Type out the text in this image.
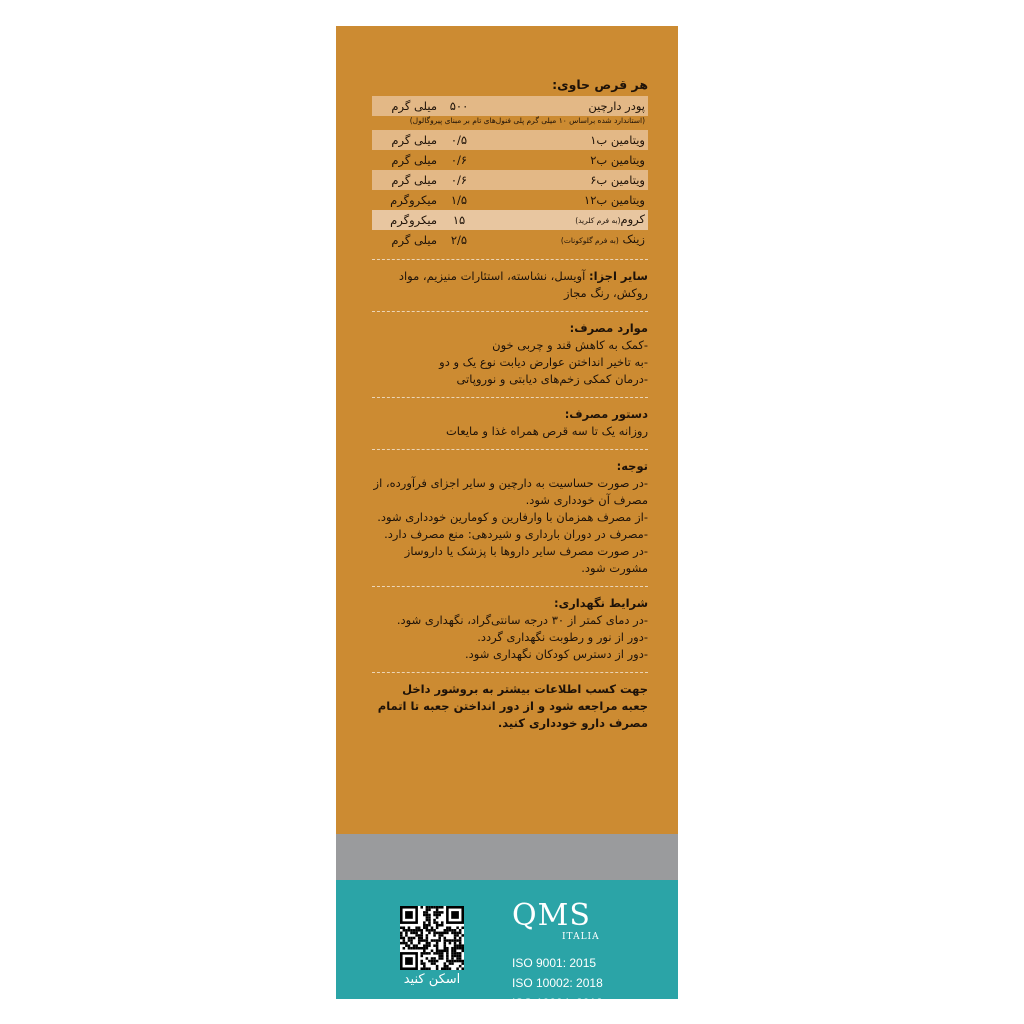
هر قرص حاوی:
پودر دارچین
۵۰۰
میلی گرم
(استاندارد شده براساس ۱۰ میلی گرم پلی فنول‌های تام بر مبنای پیروگالول)
ویتامین ب۱
۰/۵
میلی گرم
ویتامین ب۲
۰/۶
میلی گرم
ویتامین ب۶
۰/۶
میلی گرم
ویتامین ب۱۲
۱/۵
میکروگرم
کروم(به فرم کلرید)
۱۵
میکروگرم
زینک (به فرم گلوکونات)
۲/۵
میلی گرم

سایر اجزا: آویسل، نشاسته، استئارات منیزیم، مواد روکش، رنگ مجاز

موارد مصرف:

-کمک به کاهش قند و چربی خون

-به تاخیر انداختن عوارض دیابت نوع یک و دو

-درمان کمکی زخم‌های دیابتی و نوروپاتی

دستور مصرف:

روزانه یک تا سه قرص همراه غذا و مایعات

توجه:

-در صورت حساسیت به دارچین و سایر اجزای فرآورده، از مصرف آن خودداری شود.

-از مصرف همزمان با وارفارین و کومارین خودداری شود.

-مصرف در دوران بارداری و شیردهی: منع مصرف دارد.

-در صورت مصرف سایر داروها با پزشک یا داروساز مشورت شود.

شرایط نگهداری:

-در دمای کمتر از ۳۰ درجه سانتی‌گراد، نگهداری شود.

-دور از نور و رطوبت نگهداری گردد.

-دور از دسترس کودکان نگهداری شود.

جهت کسب اطلاعات بیشتر به بروشور داخل جعبه مراجعه شود و از دور انداختن جعبه تا اتمام مصرف دارو خودداری کنید.

اسکن کنید
QMS
ITALIA
ISO 9001: 2015
ISO 10002: 2018
ISO 10004: 2018
